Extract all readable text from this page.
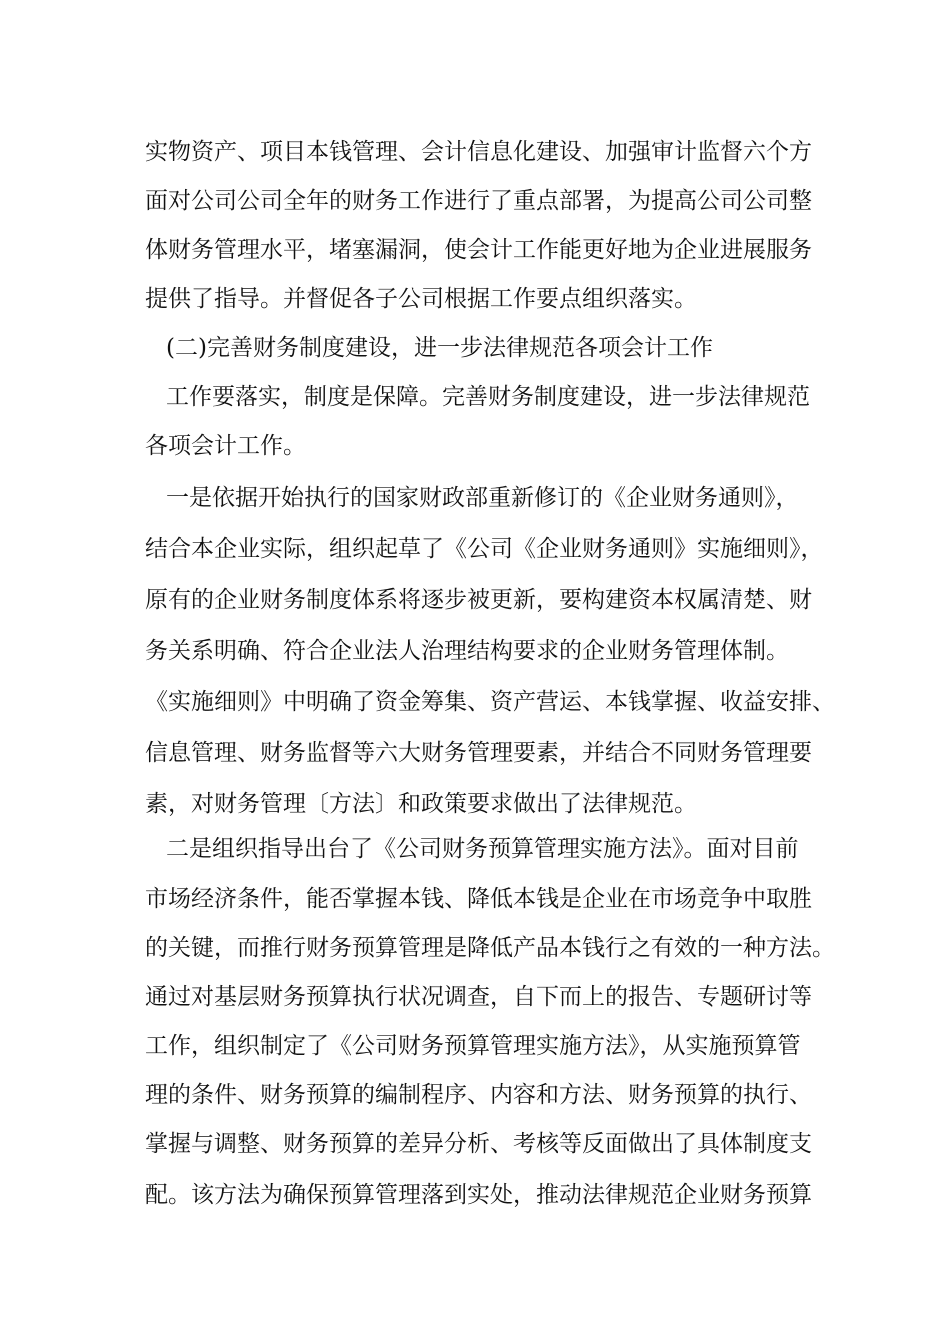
实物资产、项目本钱管理、会计信息化建设、加强审计监督六个方
面对公司公司全年的财务工作进行了重点部署，为提高公司公司整
体财务管理水平，堵塞漏洞，使会计工作能更好地为企业进展服务
提供了指导。并督促各子公司根据工作要点组织落实。
(二)完善财务制度建设，进一步法律规范各项会计工作
工作要落实，制度是保障。完善财务制度建设，进一步法律规范
各项会计工作。
一是依据开始执行的国家财政部重新修订的《企业财务通则》，
结合本企业实际，组织起草了《公司《企业财务通则》实施细则》，
原有的企业财务制度体系将逐步被更新，要构建资本权属清楚、财
务关系明确、符合企业法人治理结构要求的企业财务管理体制。
《实施细则》中明确了资金筹集、资产营运、本钱掌握、收益安排、
信息管理、财务监督等六大财务管理要素，并结合不同财务管理要
素，对财务管理〔方法〕和政策要求做出了法律规范。
二是组织指导出台了《公司财务预算管理实施方法》。面对目前
市场经济条件，能否掌握本钱、降低本钱是企业在市场竞争中取胜
的关键，而推行财务预算管理是降低产品本钱行之有效的一种方法。
通过对基层财务预算执行状况调查，自下而上的报告、专题研讨等
工作，组织制定了《公司财务预算管理实施方法》，从实施预算管
理的条件、财务预算的编制程序、内容和方法、财务预算的执行、
掌握与调整、财务预算的差异分析、考核等反面做出了具体制度支
配。该方法为确保预算管理落到实处，推动法律规范企业财务预算
